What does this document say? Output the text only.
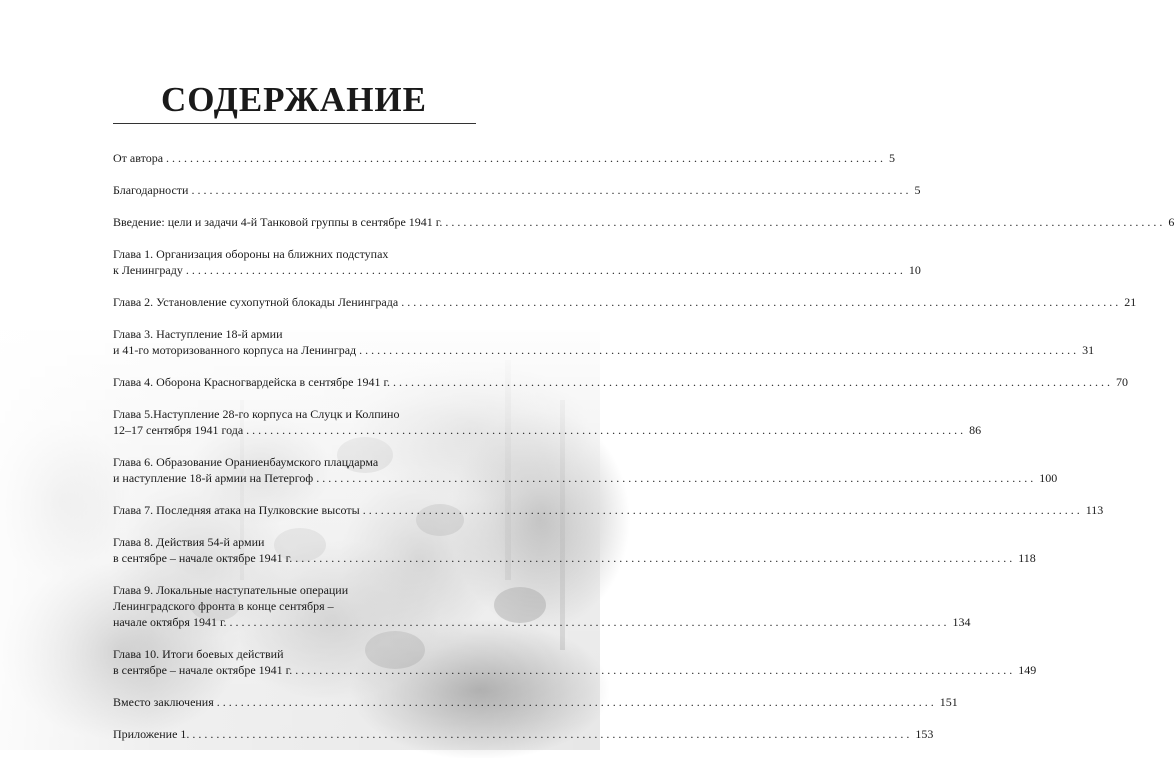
СОДЕРЖАНИЕ
От автора ........................................................................................................................ 5
Благодарности ........................................................................................................................ 5
Введение: цели и задачи 4-й Танковой группы в сентябре 1941 г. ........................................................................................................................ 6
Глава 1. Организация обороны на ближних подступах
к Ленинграду ........................................................................................................................ 10
Глава 2. Установление сухопутной блокады Ленинграда ........................................................................................................................ 21
Глава 3. Наступление 18-й армии
и 41-го моторизованного корпуса на Ленинград ........................................................................................................................ 31
Глава 4. Оборона Красногвардейска в сентябре 1941 г. ........................................................................................................................ 70
Глава 5.Наступление 28-го корпуса на Слуцк и Колпино
12–17 сентября 1941 года ........................................................................................................................ 86
Глава 6. Образование Ораниенбаумского плацдарма
и наступление 18-й армии на Петергоф ........................................................................................................................ 100
Глава 7. Последняя атака на Пулковские высоты ........................................................................................................................ 113
Глава 8. Действия 54-й армии
в сентябре – начале октябре 1941 г. ........................................................................................................................ 118
Глава 9. Локальные наступательные операции
Ленинградского фронта в конце сентября –
начале октября 1941 г. ........................................................................................................................ 134
Глава 10. Итоги боевых действий
в сентябре – начале октябре 1941 г. ........................................................................................................................ 149
Вместо заключения ........................................................................................................................ 151
Приложение 1. ........................................................................................................................ 153
